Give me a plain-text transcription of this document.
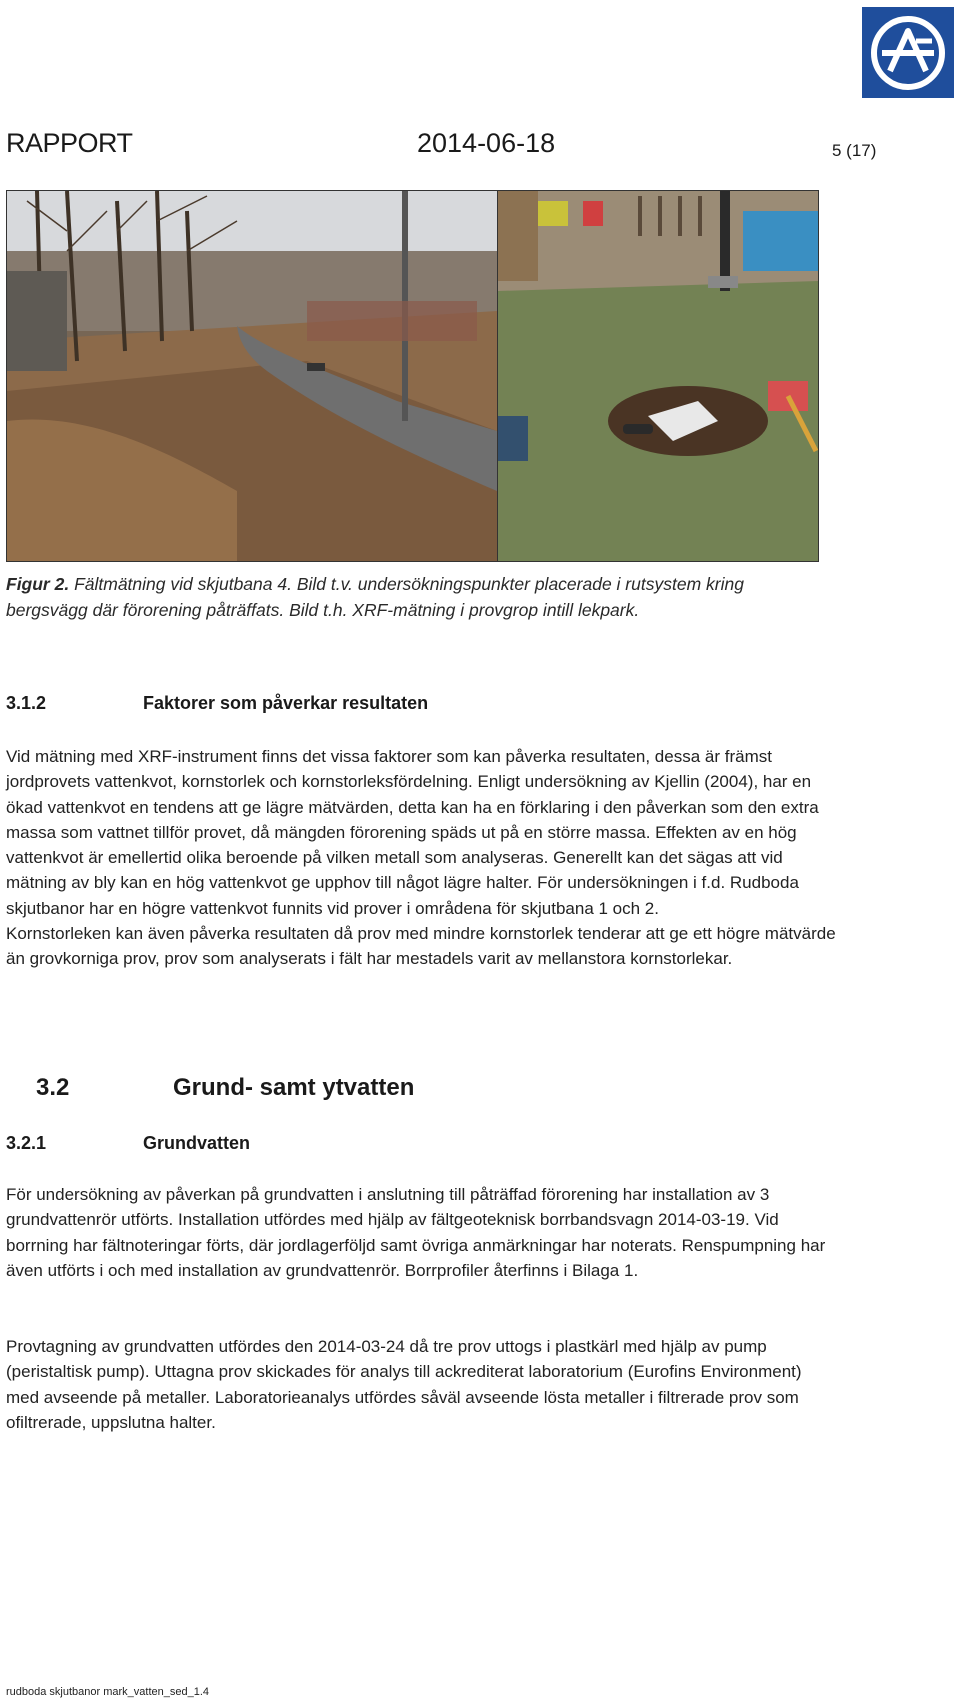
RAPPORT	2014-06-18	5 (17)
Figur 2. Fältmätning vid skjutbana 4. Bild t.v. undersökningspunkter placerade i rutsystem kring bergsvägg där förorening påträffats. Bild t.h. XRF-mätning i provgrop intill lekpark.
3.1.2	Faktorer som påverkar resultaten
Vid mätning med XRF-instrument finns det vissa faktorer som kan påverka resultaten, dessa är främst jordprovets vattenkvot, kornstorlek och kornstorleksfördelning. Enligt undersökning av Kjellin (2004), har en ökad vattenkvot en tendens att ge lägre mätvärden, detta kan ha en förklaring i den påverkan som den extra massa som vattnet tillför provet, då mängden förorening späds ut på en större massa. Effekten av en hög vattenkvot är emellertid olika beroende på vilken metall som analyseras. Generellt kan det sägas att vid mätning av bly kan en hög vattenkvot ge upphov till något lägre halter. För undersökningen i f.d. Rudboda skjutbanor har en högre vattenkvot funnits vid prover i områdena för skjutbana 1 och 2.
Kornstorleken kan även påverka resultaten då prov med mindre kornstorlek tenderar att ge ett högre mätvärde än grovkorniga prov, prov som analyserats i fält har mestadels varit av mellanstora kornstorlekar.
3.2	Grund- samt ytvatten
3.2.1	Grundvatten
För undersökning av påverkan på grundvatten i anslutning till påträffad förorening har installation av 3 grundvattenrör utförts. Installation utfördes med hjälp av fältgeoteknisk borrbandsvagn 2014-03-19. Vid borrning har fältnoteringar förts, där jordlagerföljd samt övriga anmärkningar har noterats. Renspumpning har även utförts i och med installation av grundvattenrör. Borrprofiler återfinns i Bilaga 1.
Provtagning av grundvatten utfördes den 2014-03-24 då tre prov uttogs i plastkärl med hjälp av pump (peristaltisk pump). Uttagna prov skickades för analys till ackrediterat laboratorium (Eurofins Environment) med avseende på metaller. Laboratorieanalys utfördes såväl avseende lösta metaller i filtrerade prov som ofiltrerade, uppslutna halter.
rudboda skjutbanor mark_vatten_sed_1.4
